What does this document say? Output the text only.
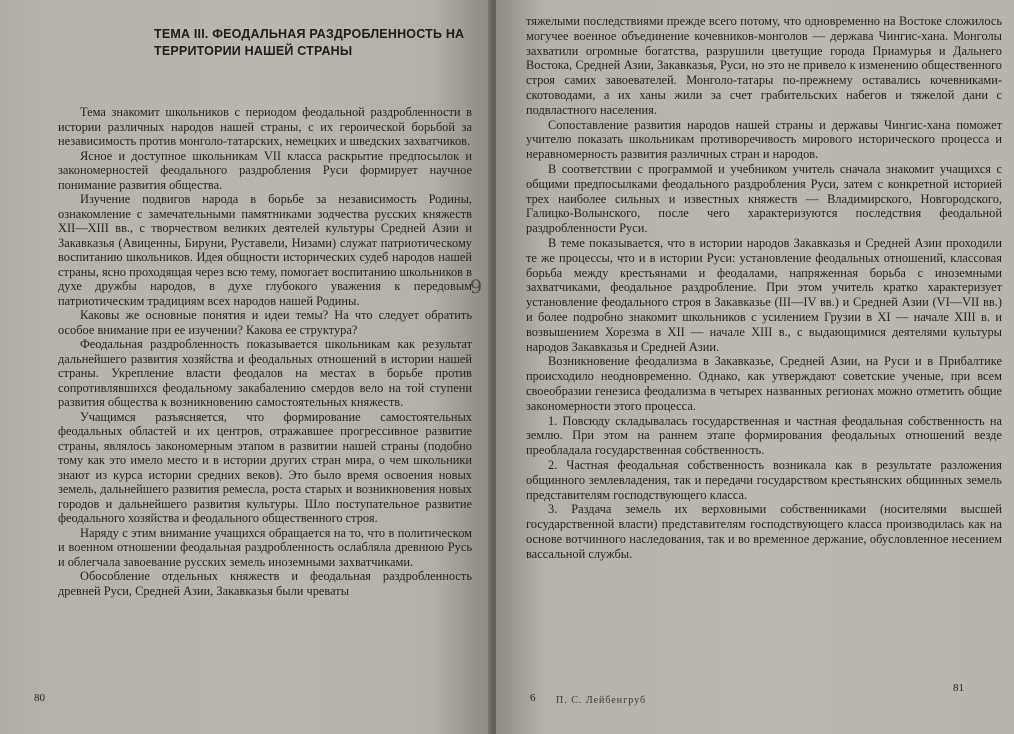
ТЕМА III. ФЕОДАЛЬНАЯ РАЗДРОБЛЕННОСТЬ НА ТЕРРИТОРИИ НАШЕЙ СТРАНЫ

Тема знакомит школьников с периодом феодальной раздробленности в истории различных народов нашей страны, с их героической борьбой за независимость против монголо-татарских, немецких и шведских захватчиков.

Ясное и доступное школьникам VII класса раскрытие предпосылок и закономерностей феодального раздробления Руси формирует научное понимание развития общества.

Изучение подвигов народа в борьбе за независимость Родины, ознакомление с замечательными памятниками зодчества русских княжеств XII—XIII вв., с творчеством великих деятелей культуры Средней Азии и Закавказья (Авиценны, Бируни, Руставели, Низами) служат патриотическому воспитанию школьников. Идея общности исторических судеб народов нашей страны, ясно проходящая через всю тему, помогает воспитанию школьников в духе дружбы народов, в духе глубокого уважения к передовым патриотическим традициям всех народов нашей Родины.

Каковы же основные понятия и идеи темы? На что следует обратить особое внимание при ее изучении? Какова ее структура?

Феодальная раздробленность показывается школьникам как результат дальнейшего развития хозяйства и феодальных отношений в истории нашей страны. Укрепление власти феодалов на местах в борьбе против сопротивлявшихся феодальному закабалению смердов вело на той ступени развития общества к возникновению самостоятельных княжеств.

Учащимся разъясняется, что формирование самостоятельных феодальных областей и их центров, отражавшее прогрессивное развитие страны, являлось закономерным этапом в развитии нашей страны (подобно тому как это имело место и в истории других стран мира, о чем школьники знают из курса истории средних веков). Это было время освоения новых земель, дальнейшего развития ремесла, роста старых и возникновения новых городов и дальнейшего развития культуры. Шло поступательное развитие феодального хозяйства и феодального общественного строя.

Наряду с этим внимание учащихся обращается на то, что в политическом и военном отношении феодальная раздробленность ослабляла древнюю Русь и облегчала завоевание русских земель иноземными захватчиками.

Обособление отдельных княжеств и феодальная раздробленность древней Руси, Средней Азии, Закавказья были чреваты

80

тяжелыми последствиями прежде всего потому, что одновременно на Востоке сложилось могучее военное объединение кочевников-монголов — держава Чингис-хана. Монголы захватили огромные богатства, разрушили цветущие города Приамурья и Дальнего Востока, Средней Азии, Закавказья, Руси, но это не привело к изменению общественного строя самих завоевателей. Монголо-татары по-прежнему оставались кочевниками-скотоводами, а их ханы жили за счет грабительских набегов и тяжелой дани с подвластного населения.

Сопоставление развития народов нашей страны и державы Чингис-хана поможет учителю показать школьникам противоречивость мирового исторического процесса и неравномерность развития различных стран и народов.

В соответствии с программой и учебником учитель сначала знакомит учащихся с общими предпосылками феодального раздробления Руси, затем с конкретной историей трех наиболее сильных и известных княжеств — Владимирского, Новгородского, Галицко-Волынского, после чего характеризуются последствия феодальной раздробленности Руси.

В теме показывается, что в истории народов Закавказья и Средней Азии проходили те же процессы, что и в истории Руси: установление феодальных отношений, классовая борьба между крестьянами и феодалами, напряженная борьба с иноземными захватчиками, феодальное раздробление. При этом учитель кратко характеризует установление феодального строя в Закавказье (III—IV вв.) и Средней Азии (VI—VII вв.) и более подробно знакомит школьников с усилением Грузии в XI — начале XIII в. и возвышением Хорезма в XII — начале XIII в., с выдающимися деятелями культуры народов Закавказья и Средней Азии.

Возникновение феодализма в Закавказье, Средней Азии, на Руси и в Прибалтике происходило неодновременно. Однако, как утверждают советские ученые, при всем своеобразии генезиса феодализма в четырех названных регионах можно отметить общие закономерности этого процесса.

1. Повсюду складывалась государственная и частная феодальная собственность на землю. При этом на раннем этапе формирования феодальных отношений везде преобладала государственная собственность.

2. Частная феодальная собственность возникала как в результате разложения общинного землевладения, так и передачи государством крестьянских общинных земель представителям господствующего класса.

3. Раздача земель их верховными собственниками (носителями высшей государственной власти) представителям господствующего класса производилась как на основе вотчинного наследования, так и во временное держание, обусловленное несением вассальной службы.

81
6 П. С. Лейбенгруб
9
